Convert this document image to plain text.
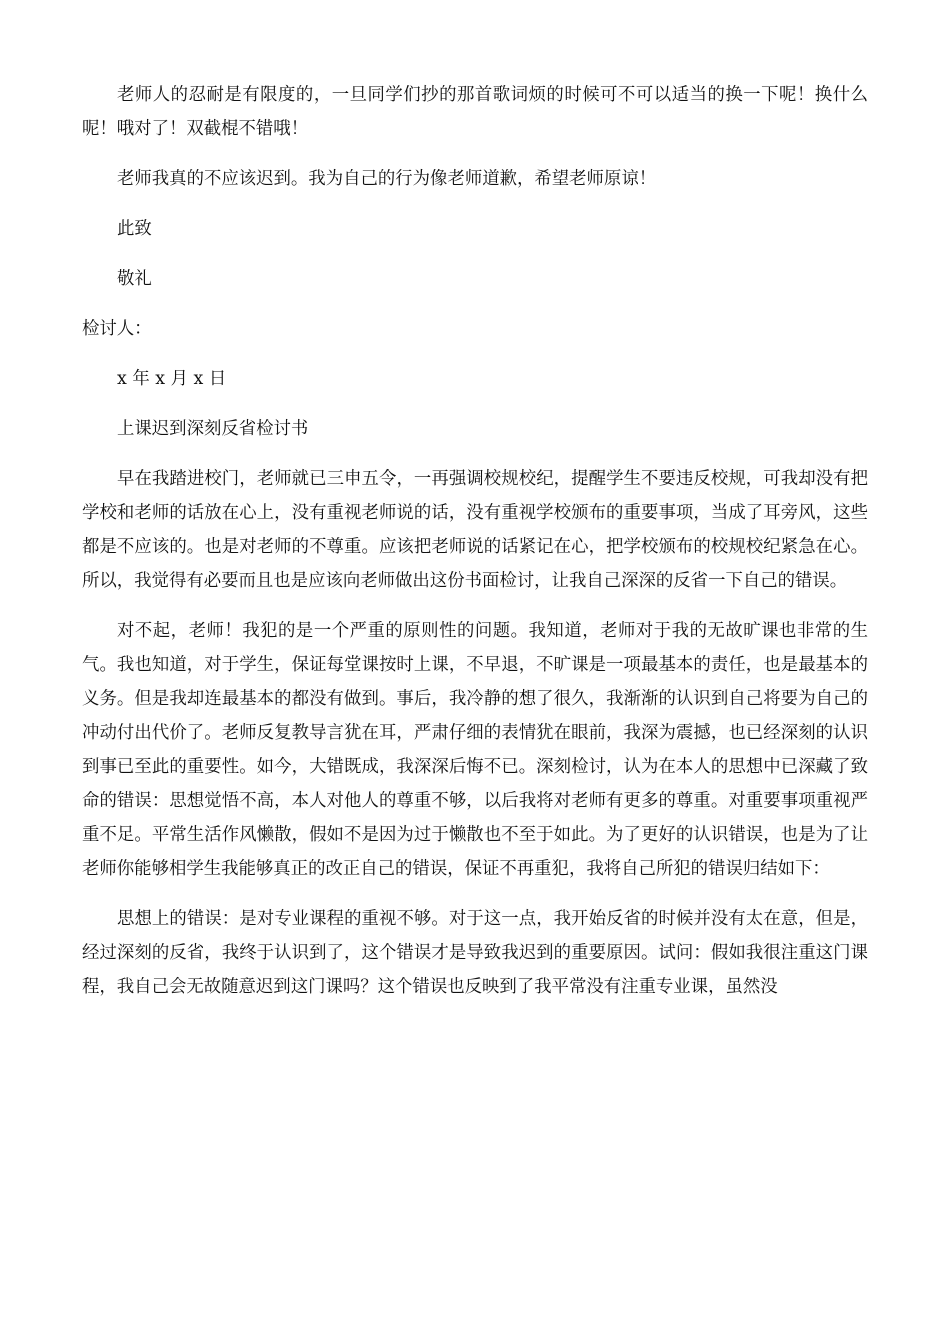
老师人的忍耐是有限度的，一旦同学们抄的那首歌词烦的时候可不可以适当的换一下呢！换什么呢！哦对了！双截棍不错哦！

老师我真的不应该迟到。我为自己的行为像老师道歉，希望老师原谅！

此致
敬礼
检讨人：
x 年 x 月 x 日
上课迟到深刻反省检讨书

早在我踏进校门，老师就已三申五令，一再强调校规校纪，提醒学生不要违反校规，可我却没有把学校和老师的话放在心上，没有重视老师说的话，没有重视学校颁布的重要事项，当成了耳旁风，这些都是不应该的。也是对老师的不尊重。应该把老师说的话紧记在心，把学校颁布的校规校纪紧急在心。所以，我觉得有必要而且也是应该向老师做出这份书面检讨，让我自己深深的反省一下自己的错误。

对不起，老师！我犯的是一个严重的原则性的问题。我知道，老师对于我的无故旷课也非常的生气。我也知道，对于学生，保证每堂课按时上课，不早退，不旷课是一项最基本的责任，也是最基本的义务。但是我却连最基本的都没有做到。事后，我冷静的想了很久，我渐渐的认识到自己将要为自己的冲动付出代价了。老师反复教导言犹在耳，严肃仔细的表情犹在眼前，我深为震撼，也已经深刻的认识到事已至此的重要性。如今，大错既成，我深深后悔不已。深刻检讨，认为在本人的思想中已深藏了致命的错误：思想觉悟不高，本人对他人的尊重不够，以后我将对老师有更多的尊重。对重要事项重视严重不足。平常生活作风懒散，假如不是因为过于懒散也不至于如此。为了更好的认识错误，也是为了让老师你能够相学生我能够真正的改正自己的错误，保证不再重犯，我将自己所犯的错误归结如下：

思想上的错误：是对专业课程的重视不够。对于这一点，我开始反省的时候并没有太在意，但是，经过深刻的反省，我终于认识到了，这个错误才是导致我迟到的重要原因。试问：假如我很注重这门课程，我自己会无故随意迟到这门课吗？这个错误也反映到了我平常没有注重专业课，虽然没
